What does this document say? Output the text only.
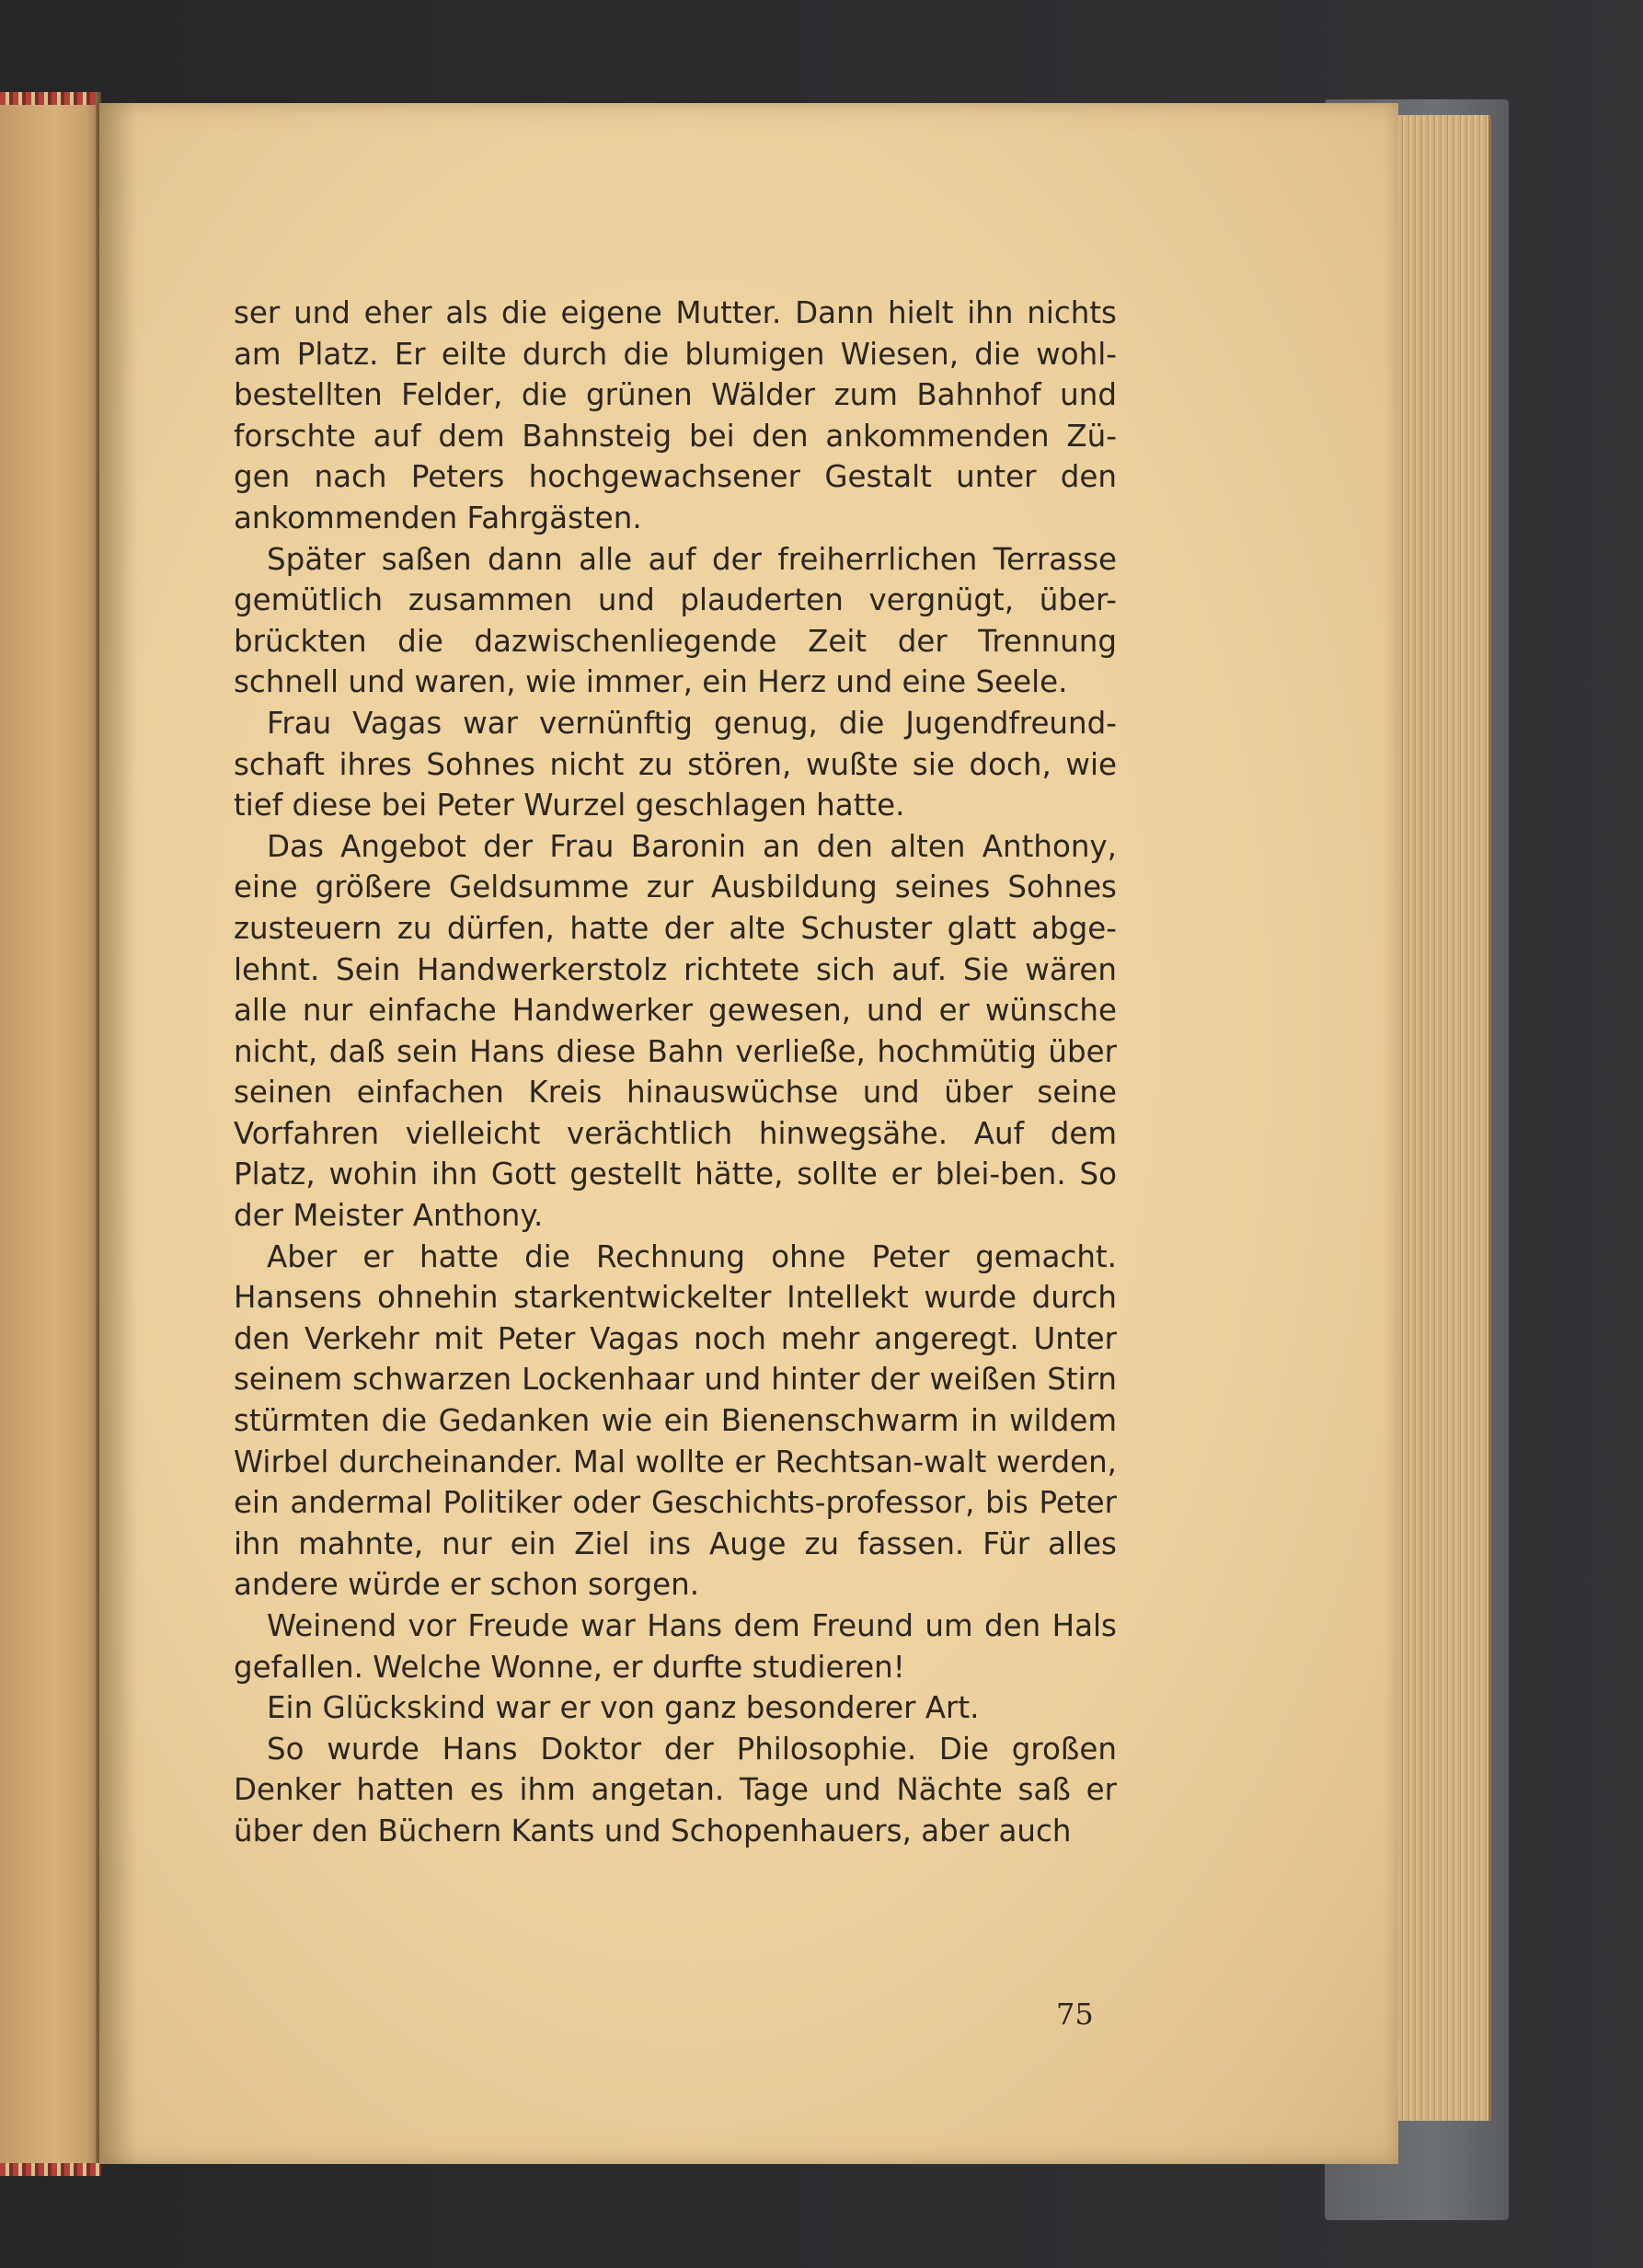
ser und eher als die eigene Mutter. Dann hielt ihn nichts am Platz. Er eilte durch die blumigen Wiesen, die wohl-bestellten Felder, die grünen Wälder zum Bahnhof und forschte auf dem Bahnsteig bei den ankommenden Zü-gen nach Peters hochgewachsener Gestalt unter den ankommenden Fahrgästen.

Später saßen dann alle auf der freiherrlichen Terrasse gemütlich zusammen und plauderten vergnügt, über-brückten die dazwischenliegende Zeit der Trennung schnell und waren, wie immer, ein Herz und eine Seele.

Frau Vagas war vernünftig genug, die Jugendfreund-schaft ihres Sohnes nicht zu stören, wußte sie doch, wie tief diese bei Peter Wurzel geschlagen hatte.

Das Angebot der Frau Baronin an den alten Anthony, eine größere Geldsumme zur Ausbildung seines Sohnes zusteuern zu dürfen, hatte der alte Schuster glatt abge-lehnt. Sein Handwerkerstolz richtete sich auf. Sie wären alle nur einfache Handwerker gewesen, und er wünsche nicht, daß sein Hans diese Bahn verließe, hochmütig über seinen einfachen Kreis hinauswüchse und über seine Vorfahren vielleicht verächtlich hinwegsähe. Auf dem Platz, wohin ihn Gott gestellt hätte, sollte er blei-ben. So der Meister Anthony.

Aber er hatte die Rechnung ohne Peter gemacht. Hansens ohnehin starkentwickelter Intellekt wurde durch den Verkehr mit Peter Vagas noch mehr angeregt. Unter seinem schwarzen Lockenhaar und hinter der weißen Stirn stürmten die Gedanken wie ein Bienenschwarm in wildem Wirbel durcheinander. Mal wollte er Rechtsan-walt werden, ein andermal Politiker oder Geschichts-professor, bis Peter ihn mahnte, nur ein Ziel ins Auge zu fassen. Für alles andere würde er schon sorgen.

Weinend vor Freude war Hans dem Freund um den Hals gefallen. Welche Wonne, er durfte studieren!

Ein Glückskind war er von ganz besonderer Art.

So wurde Hans Doktor der Philosophie. Die großen Denker hatten es ihm angetan. Tage und Nächte saß er über den Büchern Kants und Schopenhauers, aber auch

75
